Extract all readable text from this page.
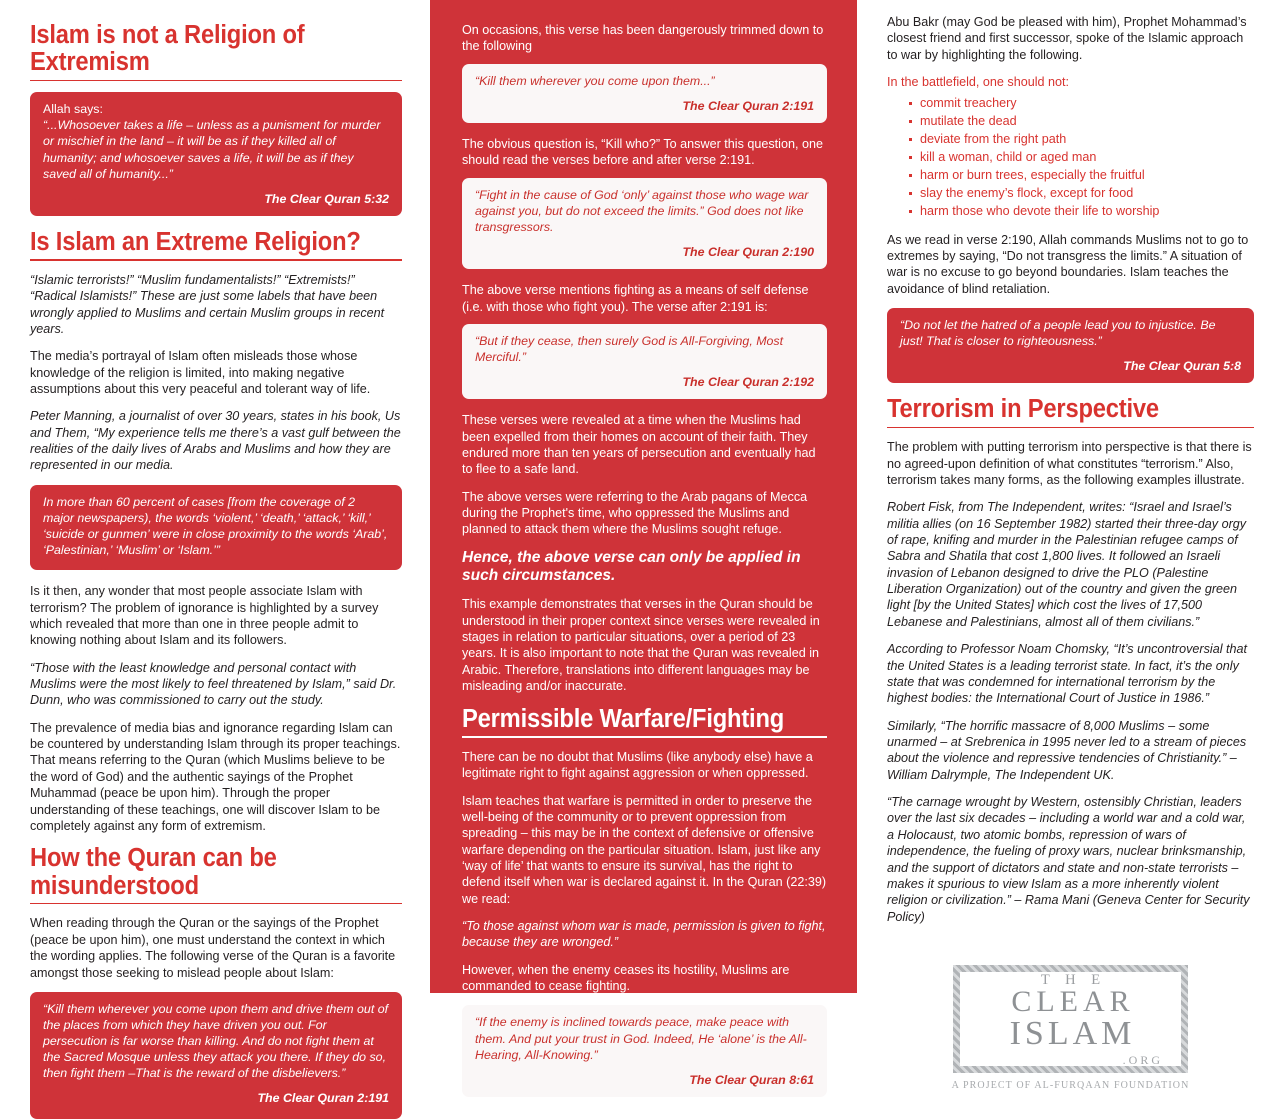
Islam is not a Religion of Extremism
Allah says:
“...Whosoever takes a life – unless as a punisment for murder or mischief in the land – it will be as if they killed all of humanity; and whosoever saves a life, it will be as if they saved all of humanity...”
The Clear Quran 5:32
Is Islam an Extreme Religion?

“Islamic terrorists!” “Muslim fundamentalists!” “Extremists!” “Radical Islamists!” These are just some labels that have been wrongly applied to Muslims and certain Muslim groups in recent years.

The media’s portrayal of Islam often misleads those whose knowledge of the religion is limited, into making negative assumptions about this very peaceful and tolerant way of life.

Peter Manning, a journalist of over 30 years, states in his book, Us and Them, “My experience tells me there’s a vast gulf between the realities of the daily lives of Arabs and Muslims and how they are represented in our media.

In more than 60 percent of cases [from the coverage of 2 major newspapers), the words ‘violent,’ ‘death,’ ‘attack,’ ‘kill,’ ‘suicide or gunmen’ were in close proximity to the words ‘Arab’, ‘Palestinian,’ ‘Muslim’ or ‘Islam.’”

Is it then, any wonder that most people associate Islam with terrorism? The problem of ignorance is highlighted by a survey which revealed that more than one in three people admit to knowing nothing about Islam and its followers.

“Those with the least knowledge and personal contact with Muslims were the most likely to feel threatened by Islam,” said Dr. Dunn, who was commissioned to carry out the study.

The prevalence of media bias and ignorance regarding Islam can be countered by understanding Islam through its proper teachings. That means referring to the Quran (which Muslims believe to be the word of God) and the authentic sayings of the Prophet Muhammad (peace be upon him). Through the proper understanding of these teachings, one will discover Islam to be completely against any form of extremism.

How the Quran can be misunderstood

When reading through the Quran or the sayings of the Prophet (peace be upon him), one must understand the context in which the wording applies. The following verse of the Quran is a favorite amongst those seeking to mislead people about Islam:

“Kill them wherever you come upon them and drive them out of the places from which they have driven you out. For persecution is far worse than killing. And do not fight them at the Sacred Mosque unless they attack you there. If they do so, then fight them –That is the reward of the disbelievers.”
The Clear Quran 2:191

On occasions, this verse has been dangerously trimmed down to the following

“Kill them wherever you come upon them...”
The Clear Quran 2:191

The obvious question is, “Kill who?” To answer this question, one should read the verses before and after verse 2:191.

“Fight in the cause of God ‘only’ against those who wage war against you, but do not exceed the limits.” God does not like transgressors.
The Clear Quran 2:190

The above verse mentions fighting as a means of self defense (i.e. with those who fight you). The verse after 2:191 is:

“But if they cease, then surely God is All-Forgiving, Most Merciful.”
The Clear Quran 2:192

These verses were revealed at a time when the Muslims had been expelled from their homes on account of their faith. They endured more than ten years of persecution and eventually had to flee to a safe land.

The above verses were referring to the Arab pagans of Mecca during the Prophet's time, who oppressed the Muslims and planned to attack them where the Muslims sought refuge.

Hence, the above verse can only be applied in such circumstances.

This example demonstrates that verses in the Quran should be understood in their proper context since verses were revealed in stages in relation to particular situations, over a period of 23 years. It is also important to note that the Quran was revealed in Arabic. Therefore, translations into different languages may be misleading and/or inaccurate.

Permissible Warfare/Fighting

There can be no doubt that Muslims (like anybody else) have a legitimate right to fight against aggression or when oppressed.

Islam teaches that warfare is permitted in order to preserve the well-being of the community or to prevent oppression from spreading – this may be in the context of defensive or offensive warfare depending on the particular situation. Islam, just like any ‘way of life’ that wants to ensure its survival, has the right to defend itself when war is declared against it. In the Quran (22:39) we read:

“To those against whom war is made, permission is given to fight, because they are wronged.”

However, when the enemy ceases its hostility, Muslims are commanded to cease fighting.

“If the enemy is inclined towards peace, make peace with them. And put your trust in God. Indeed, He ‘alone’ is the All-Hearing, All-Knowing.”
The Clear Quran 8:61

Abu Bakr (may God be pleased with him), Prophet Mohammad’s closest friend and first successor, spoke of the Islamic approach to war by highlighting the following.

In the battlefield, one should not:
commit treachery
mutilate the dead
deviate from the right path
kill a woman, child or aged man
harm or burn trees, especially the fruitful
slay the enemy’s flock, except for food
harm those who devote their life to worship

As we read in verse 2:190, Allah commands Muslims not to go to extremes by saying, “Do not transgress the limits.” A situation of war is no excuse to go beyond boundaries. Islam teaches the avoidance of blind retaliation.

“Do not let the hatred of a people lead you to injustice. Be just! That is closer to righteousness.”
The Clear Quran 5:8
Terrorism in Perspective

The problem with putting terrorism into perspective is that there is no agreed-upon definition of what constitutes “terrorism.” Also, terrorism takes many forms, as the following examples illustrate.

Robert Fisk, from The Independent, writes: “Israel and Israel’s militia allies (on 16 September 1982) started their three-day orgy of rape, knifing and murder in the Palestinian refugee camps of Sabra and Shatila that cost 1,800 lives. It followed an Israeli invasion of Lebanon designed to drive the PLO (Palestine Liberation Organization) out of the country and given the green light [by the United States] which cost the lives of 17,500 Lebanese and Palestinians, almost all of them civilians.”

According to Professor Noam Chomsky, “It’s uncontroversial that the United States is a leading terrorist state. In fact, it’s the only state that was condemned for international terrorism by the highest bodies: the International Court of Justice in 1986.”

Similarly, “The horrific massacre of 8,000 Muslims – some unarmed – at Srebrenica in 1995 never led to a stream of pieces about the violence and repressive tendencies of Christianity.” – William Dalrymple, The Independent UK.

“The carnage wrought by Western, ostensibly Christian, leaders over the last six decades – including a world war and a cold war, a Holocaust, two atomic bombs, repression of wars of independence, the fueling of proxy wars, nuclear brinksmanship, and the support of dictators and state and non-state terrorists – makes it spurious to view Islam as a more inherently violent religion or civilization.” – Rama Mani (Geneva Center for Security Policy)

T H E
CLEAR
ISLAM
.ORG
A PROJECT OF AL-FURQAAN FOUNDATION
